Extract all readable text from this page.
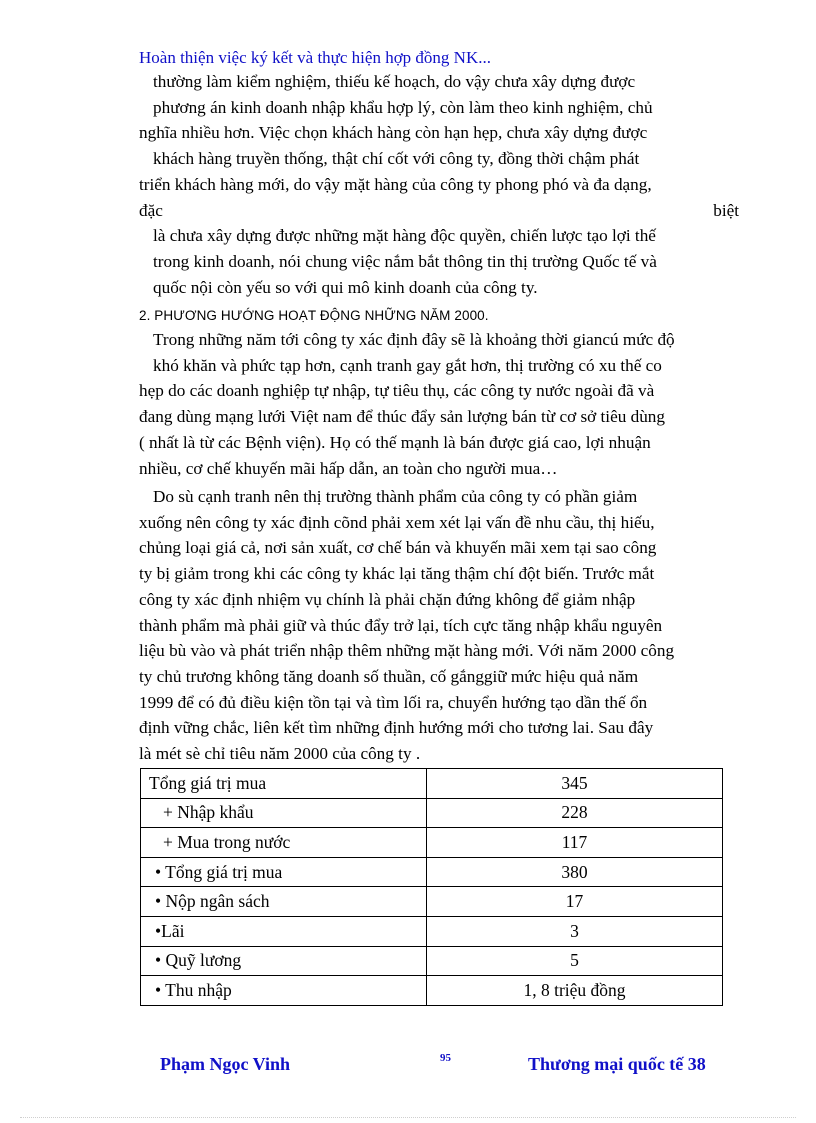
Hoàn thiện việc ký kết và thực hiện hợp đồng NK...

thường làm kiểm nghiệm, thiếu kế hoạch, do vậy chưa xây dựng được

phương án kinh doanh nhập khẩu hợp lý, còn làm theo kinh nghiệm, chủ

nghĩa nhiều hơn. Việc chọn khách hàng còn hạn hẹp, chưa xây dựng được

khách hàng truyền thống, thật chí cốt với công ty, đồng thời chậm phát

triển khách hàng mới, do vậy mặt hàng của công ty phong phó và đa dạng,

đặc	biệt

là chưa xây dựng được những mặt hàng độc quyền, chiến lược tạo lợi thế

trong kinh doanh, nói chung việc nắm bắt thông tin thị trường Quốc tế và

quốc nội còn yếu so với qui mô kinh doanh của công ty.

2. PHƯƠNG HƯỚNG HOẠT ĐỘNG NHỮNG NĂM 2000.

Trong những năm tới công ty xác định đây sẽ là khoảng thời giancú mức độ

khó khăn và phức tạp hơn, cạnh tranh gay gắt hơn, thị trường có xu thế co

hẹp do các doanh nghiệp tự nhập, tự tiêu thụ, các công ty nước ngoài đã và

đang dùng mạng lưới Việt nam để thúc đẩy sản lượng bán từ cơ sở tiêu dùng

( nhất là từ các Bệnh viện). Họ có thế mạnh là bán được giá cao, lợi nhuận

nhiều, cơ chế khuyến mãi hấp dẫn, an toàn cho người mua…

Do sù cạnh tranh nên thị trường thành phẩm của công ty có phần giảm

xuống nên công ty xác định cõnd phải xem xét lại vấn đề nhu cầu, thị hiếu,

chủng loại giá cả, nơi sản xuất, cơ chế bán và khuyến mãi xem tại sao công

ty bị giảm trong khi các công ty khác lại tăng thậm chí đột biến. Trước mắt

công ty xác định nhiệm vụ chính là phải chặn đứng không để giảm nhập

thành phẩm mà phải giữ và thúc đẩy trở lại, tích cực tăng nhập khẩu nguyên

liệu bù vào và phát triển nhập thêm những mặt hàng mới. Với năm 2000 công

ty chủ trương không tăng doanh số thuần, cố gắnggiữ mức hiệu quả năm

1999 để có đủ điều kiện tồn tại và tìm lối ra, chuyển hướng tạo dần thế ổn

định vững chắc, liên kết tìm những định hướng mới cho tương lai. Sau đây

là mét sè chỉ tiêu năm 2000 của công ty .

Tổng giá trị mua	345
+ Nhập khẩu	228
+ Mua trong nước	117
• Tổng giá trị mua	380
• Nộp ngân sách	17
•Lãi	3
• Quỹ lương	5
• Thu nhập	1, 8 triệu đồng
Phạm Ngọc Vinh	95	Thương mại quốc tế 38
